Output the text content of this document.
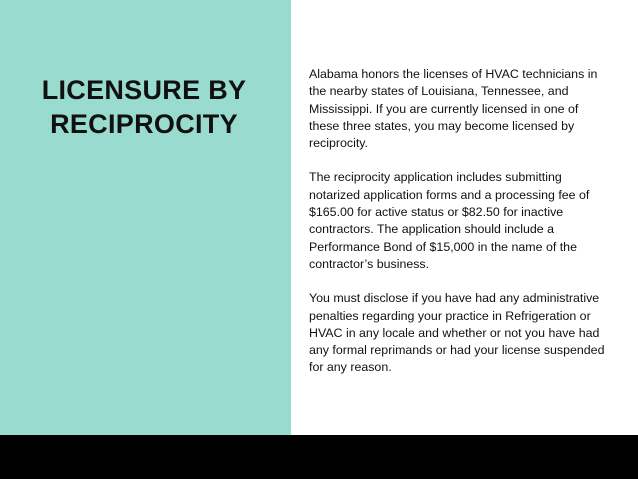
LICENSURE BY
RECIPROCITY

Alabama honors the licenses of HVAC technicians in the nearby states of Louisiana, Tennessee, and Mississippi. If you are currently licensed in one of these three states, you may become licensed by reciprocity.

The reciprocity application includes submitting notarized application forms and a processing fee of $165.00 for active status or $82.50 for inactive contractors. The application should include a Performance Bond of $15,000 in the name of the contractor’s business.

You must disclose if you have had any administrative penalties regarding your practice in Refrigeration or HVAC in any locale and whether or not you have had any formal reprimands or had your license suspended for any reason.
